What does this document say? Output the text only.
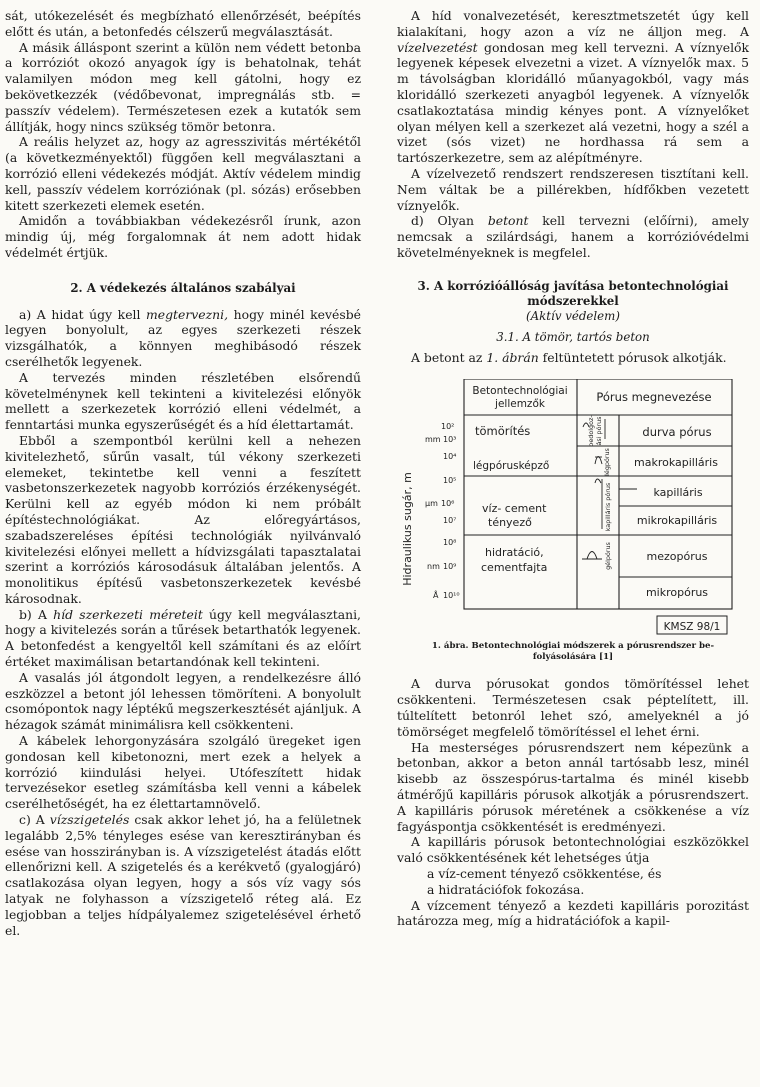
sát, utókezelését és megbízható ellenőrzését, beépítés előtt és után, a betonfedés célszerű megválasztását.

A másik álláspont szerint a külön nem védett betonba a korróziót okozó anyagok így is behatolnak, tehát valamilyen módon meg kell gátolni, hogy ez bekövetkezzék (védőbevonat, impregnálás stb. = passzív védelem). Természetesen ezek a kutatók sem állítják, hogy nincs szükség tömör betonra.

A reális helyzet az, hogy az agresszivitás mértékétől (a következményektől) függően kell megválasztani a korrózió elleni védekezés módját. Aktív védelem mindig kell, passzív védelem korróziónak (pl. sózás) erősebben kitett szerkezeti elemek esetén.

Amidőn a továbbiakban védekezésről írunk, azon mindig új, még forgalomnak át nem adott hidak védelmét értjük.

2. A védekezés általános szabályai

a) A hidat úgy kell megtervezni, hogy minél kevésbé legyen bonyolult, az egyes szerkezeti részek vizsgálhatók, a könnyen meghibásodó részek cserélhetők legyenek.

A tervezés minden részletében elsőrendű követelménynek kell tekinteni a kivitelezési előnyök mellett a szerkezetek korrózió elleni védelmét, a fenntartási munka egyszerűségét és a híd élettartamát.

Ebből a szempontból kerülni kell a nehezen kivitelezhető, sűrűn vasalt, túl vékony szerkezeti elemeket, tekintetbe kell venni a feszített vasbetonszerkezetek nagyobb korróziós érzékenységét. Kerülni kell az egyéb módon ki nem próbált építéstechnológiákat. Az előregyártásos, szabadszereléses építési technológiák nyilvánvaló kivitelezési előnyei mellett a hídvizsgálati tapasztalatai szerint a korróziós károsodásuk általában jelentős. A monolitikus építésű vasbetonszerkezetek kevésbé károsodnak.

b) A híd szerkezeti méreteit úgy kell megválasztani, hogy a kivitelezés során a tűrések betarthatók legyenek. A betonfedést a kengyeltől kell számítani és az előírt értéket maximálisan betartandónak kell tekinteni.

A vasalás jól átgondolt legyen, a rendelkezésre álló eszközzel a betont jól lehessen tömöríteni. A bonyolult csomópontok nagy léptékű megszerkesztését ajánljuk. A hézagok számát minimálisra kell csökkenteni.

A kábelek lehorgonyzására szolgáló üregeket igen gondosan kell kibetonozni, mert ezek a helyek a korrózió kiindulási helyei. Utófeszített hidak tervezésekor esetleg számításba kell venni a kábelek cserélhetőségét, ha ez élettartamnövelő.

c) A vízszigetelés csak akkor lehet jó, ha a felületnek legalább 2,5% tényleges esése van keresztirányban és esése van hosszirányban is. A vízszigetelést átadás előtt ellenőrizni kell. A szigetelés és a kerékvető (gyalogjáró) csatlakozása olyan legyen, hogy a sós víz vagy sós latyak ne folyhasson a vízszigetelő réteg alá. Ez legjobban a teljes hídpályalemez szigetelésével érhető el.

A híd vonalvezetését, keresztmetszetét úgy kell kialakítani, hogy azon a víz ne álljon meg. A vízelvezetést gondosan meg kell tervezni. A víznyelők legyenek képesek elvezetni a vizet. A víznyelők max. 5 m távolságban kloridálló műanyagokból, vagy más kloridálló szerkezeti anyagból legyenek. A víznyelők csatlakoztatása mindig kényes pont. A víznyelőket olyan mélyen kell a szerkezet alá vezetni, hogy a szél a vizet (sós vizet) ne hordhassa rá sem a tartószerkezetre, sem az alépítményre.

A vízelvezető rendszert rendszeresen tisztítani kell. Nem váltak be a pillérekben, hídfőkben vezetett víznyelők.

d) Olyan betont kell tervezni (előírni), amely nemcsak a szilárdsági, hanem a korrózióvédelmi követelményeknek is megfelel.

3. A korrózióállóság javítása betontechnológiai
módszerekkel
(Aktív védelem)
3.1. A tömör, tartós beton

A betont az 1. ábrán feltüntetett pórusok alkotják.

Hidraulikus sugár, m
mm
μm
nm
Å
10²
10³
10⁴
10⁵
10⁶
10⁷
10⁸
10⁹
10¹⁰
Betontechnológiai
jellemzők	Pórus megnevezése
tömörítés
légpórusképző
víz- cement
tényező
hidratáció,
cementfajta
bedolgoz- ási pórus
légpórus
kapilláris pórus
gélpórus
durva pórus
makrokapilláris
kapilláris
mikrokapilláris
mezopórus
mikropórus
KMSZ 98/1
1. ábra. Betontechnológiai módszerek a pórusrendszer be-
folyásolására [1]

A durva pórusokat gondos tömörítéssel lehet csökkenteni. Természetesen csak péptelített, ill. túltelített betonról lehet szó, amelyeknél a jó tömörséget megfelelő tömörítéssel el lehet érni.

Ha mesterséges pórusrendszert nem képezünk a betonban, akkor a beton annál tartósabb lesz, minél kisebb az összespórus-tartalma és minél kisebb átmérőjű kapilláris pórusok alkotják a pórusrendszert. A kapilláris pórusok méretének a csökkenése a víz fagyáspontja csökkentését is eredményezi.

A kapilláris pórusok betontechnológiai eszközökkel való csökkentésének két lehetséges útja

a víz-cement tényező csökkentése, és

a hidratációfok fokozása.

A vízcement tényező a kezdeti kapilláris porozitást határozza meg, míg a hidratációfok a kapil-
